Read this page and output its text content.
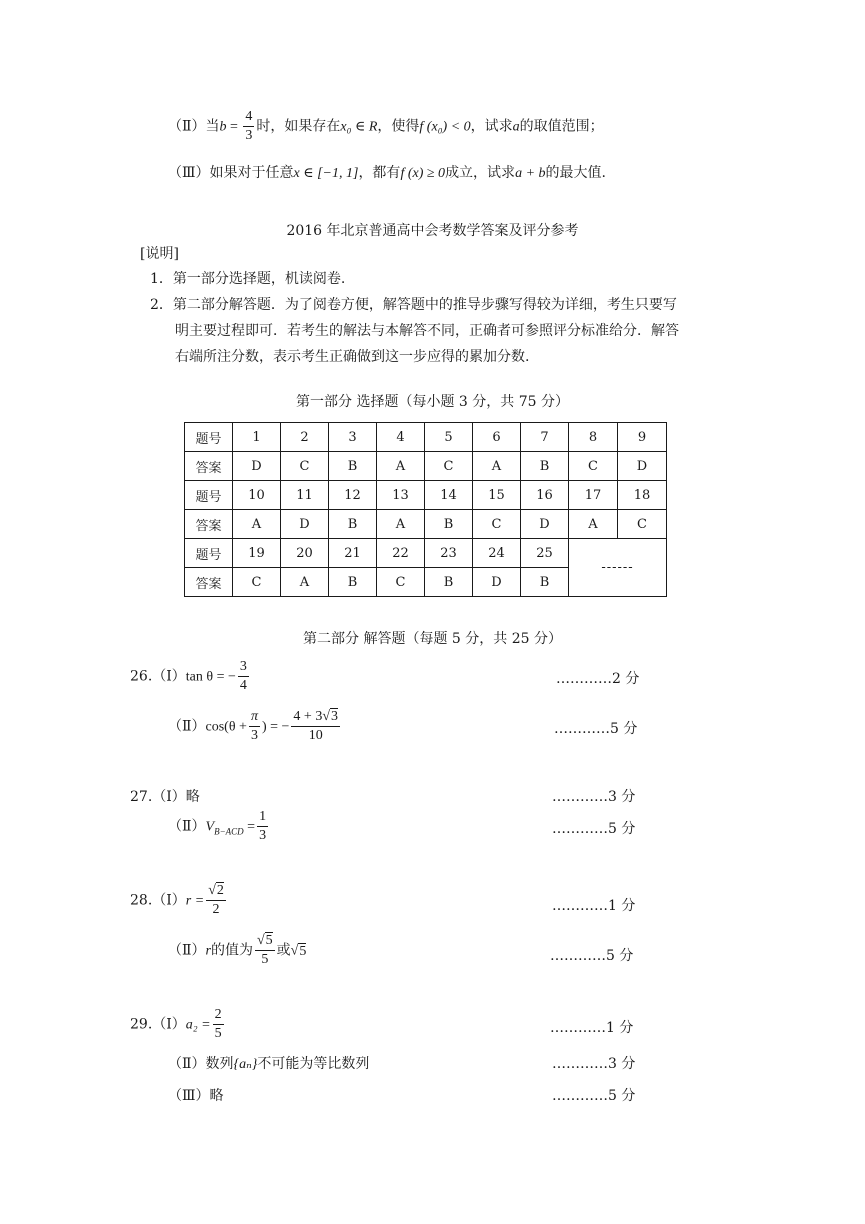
（Ⅱ）当$b = \frac{4}{3}$ 时，如果存在x₀ ∈ R，使得f (x₀) < 0，试求a的取值范围；
（Ⅲ）如果对于任意x ∈ [−1, 1]，都有f (x) ≥ 0成立，试求a + b的最大值.
2016 年北京普通高中会考数学答案及评分参考
[说明]
1．第一部分选择题，机读阅卷.
2．第二部分解答题．为了阅卷方便，解答题中的推导步骤写得较为详细，考生只要写
明主要过程即可．若考生的解法与本解答不同，正确者可参照评分标准给分．解答
右端所注分数，表示考生正确做到这一步应得的累加分数.
第一部分 选择题（每小题 3 分，共 75 分）
题号	1	2	3	4	5	6	7	8	9
答案	D	C	B	A	C	A	B	C	D
题号	10	11	12	13	14	15	16	17	18
答案	A	D	B	A	B	C	D	A	C
题号	19	20	21	22	23	24	25	------	
答案	C	A	B	C	B	D	B		
第二部分 解答题（每题 5 分，共 25 分）
26.（Ⅰ）tan θ = − $\frac{3}{4}$	…………2 分
（Ⅱ）cos(θ + $\frac{\pi}{3}$ ) = − $\frac{4 + 3√3}{10}$	…………5 分
27.（Ⅰ）略	…………3 分
$(Ⅱ)V_{B-ACD} = \frac{1}{3}$	…………5 分
28.（Ⅰ）r = $\frac{√2}{2}$	…………1 分
（Ⅱ）r的值为 $\frac{√5}{5}$ 或√5	…………5 分
29.（Ⅰ）a₂ = $\frac{2}{5}$	…………1 分
（Ⅱ）数列{aₙ}不可能为等比数列	…………3 分
（Ⅲ）略	…………5 分
